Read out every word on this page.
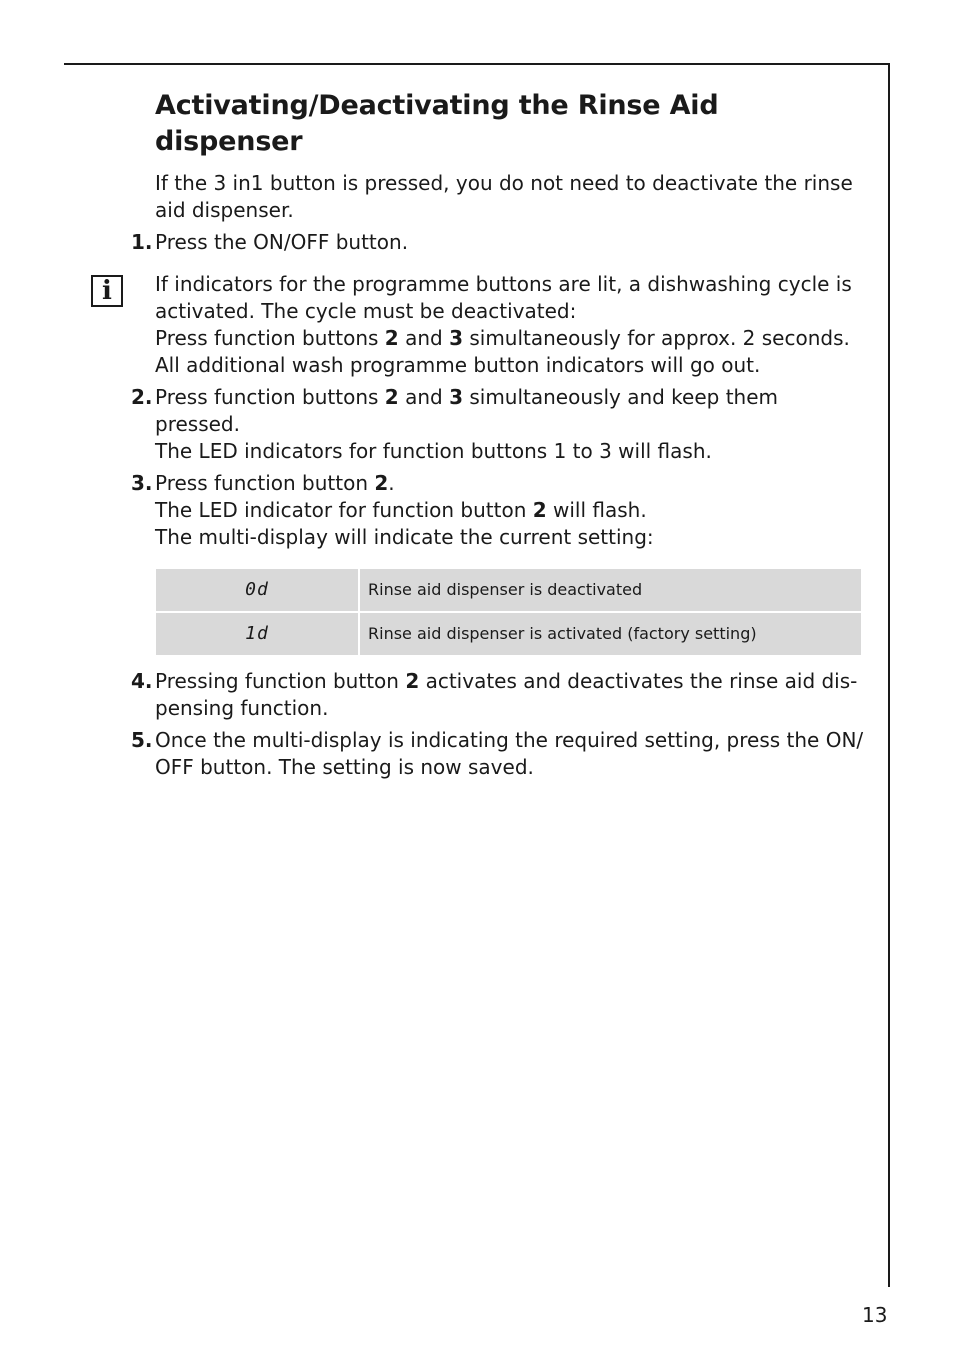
Activating/Deactivating the Rinse Aid dispenser

If the 3 in1 button is pressed, you do not need to deactivate the rinse aid dispenser.

1. Press the ON/OFF button.
i	If indicators for the programme buttons are lit, a dishwashing cycle is activated. The cycle must be deactivated:

Press function buttons 2 and 3 simultaneously for approx. 2 seconds.

All additional wash programme button indicators will go out.

2. Press function buttons 2 and 3 simultaneously and keep them pressed.

The LED indicators for function buttons 1 to 3 will flash.

3. Press function button 2.

The LED indicator for function button 2 will flash.

The multi-display will indicate the current setting:

0d	Rinse aid dispenser is deactivated
1d	Rinse aid dispenser is activated (factory setting)
4. Pressing function button 2 activates and deactivates the rinse aid dis-pensing function.

5. Once the multi-display is indicating the required setting, press the ON/ OFF button. The setting is now saved.

13
